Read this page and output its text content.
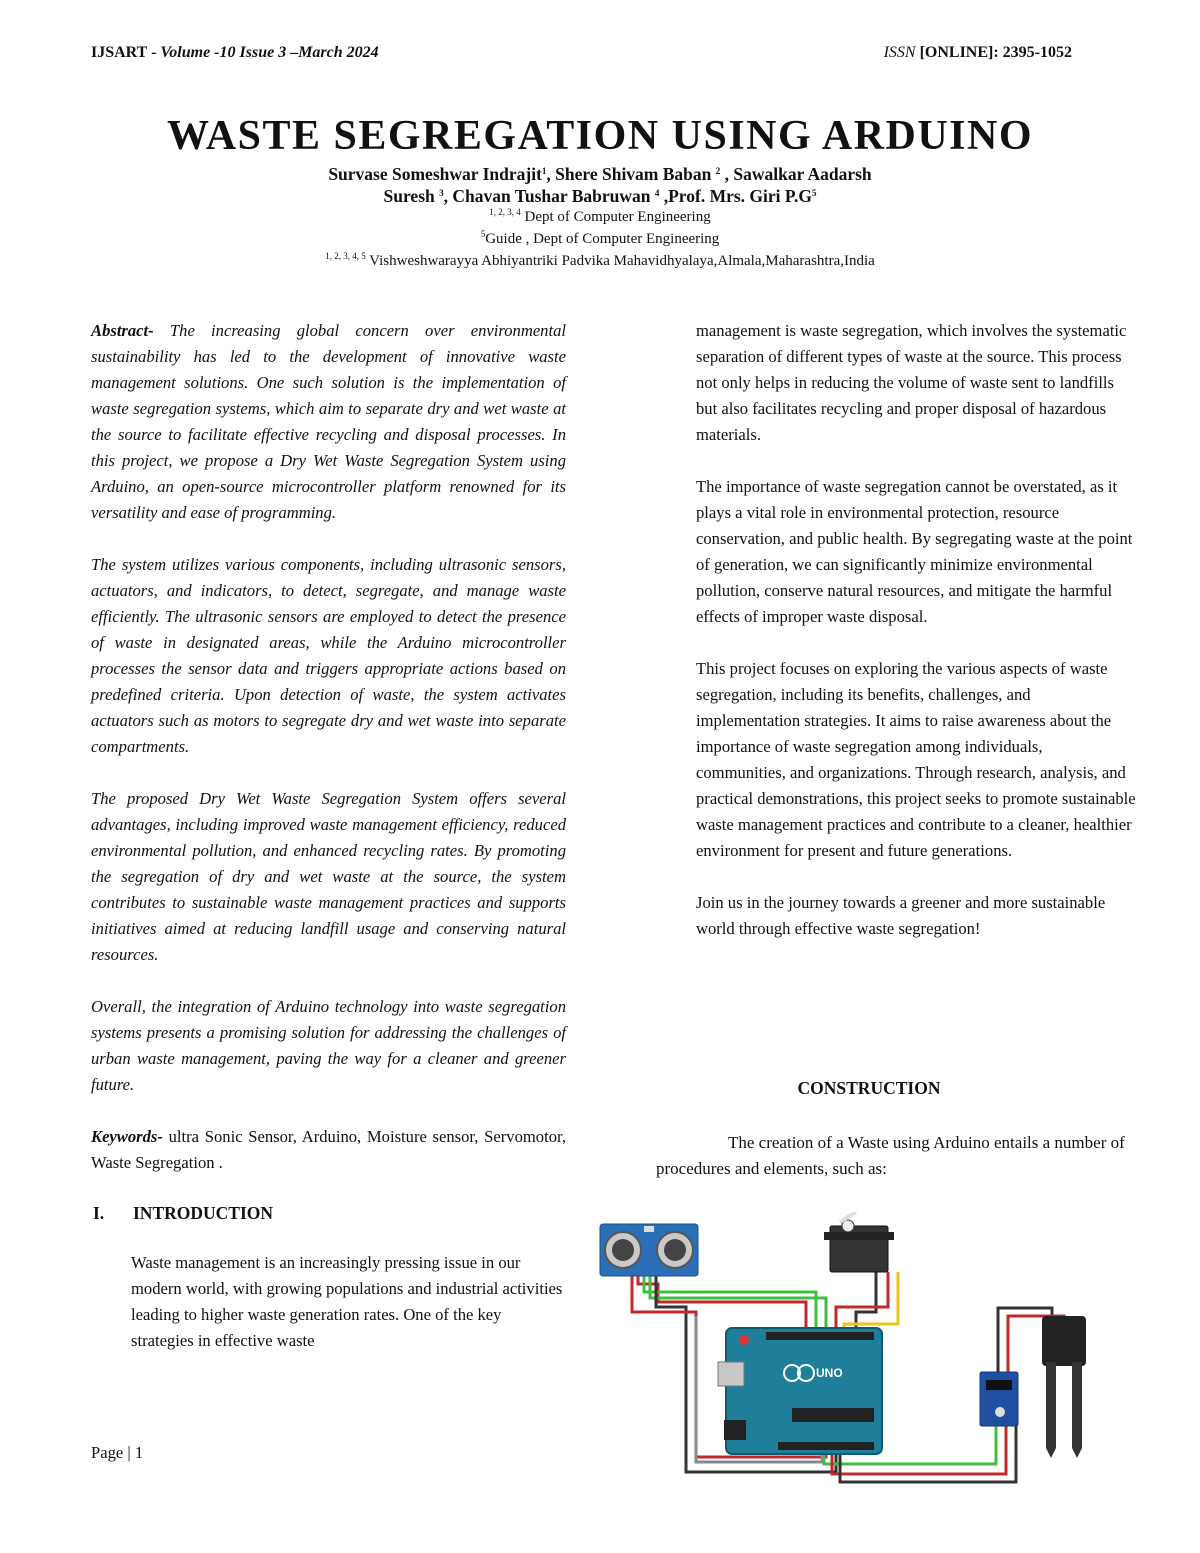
IJSART - Volume -10 Issue 3 –March 2024	ISSN [ONLINE]: 2395-1052
WASTE SEGREGATION USING ARDUINO
Survase Someshwar Indrajit$^1$, Shere Shivam Baban $^2$ , Sawalkar Aadarsh
Suresh $^3$, Chavan Tushar Babruwan $^4$ ,Prof. Mrs. Giri $P.G^5$
$^{1, 2, 3, 4}$ Dept of Computer Engineering
$^5$Guide , Dept of Computer Engineering
$^{1, 2, 3, 4, 5}$ Vishweshwarayya Abhiyantriki Padvika Mahavidhyalaya,Almala,Maharashtra,India

Abstract- The increasing global concern over environmental sustainability has led to the development of innovative waste management solutions. One such solution is the implementation of waste segregation systems, which aim to separate dry and wet waste at the source to facilitate effective recycling and disposal processes. In this project, we propose a Dry Wet Waste Segregation System using Arduino, an open-source microcontroller platform renowned for its versatility and ease of programming.

The system utilizes various components, including ultrasonic sensors, actuators, and indicators, to detect, segregate, and manage waste efficiently. The ultrasonic sensors are employed to detect the presence of waste in designated areas, while the Arduino microcontroller processes the sensor data and triggers appropriate actions based on predefined criteria. Upon detection of waste, the system activates actuators such as motors to segregate dry and wet waste into separate compartments.

The proposed Dry Wet Waste Segregation System offers several advantages, including improved waste management efficiency, reduced environmental pollution, and enhanced recycling rates. By promoting the segregation of dry and wet waste at the source, the system contributes to sustainable waste management practices and supports initiatives aimed at reducing landfill usage and conserving natural resources.

Overall, the integration of Arduino technology into waste segregation systems presents a promising solution for addressing the challenges of urban waste management, paving the way for a cleaner and greener future.

Keywords- ultra Sonic Sensor, Arduino, Moisture sensor, Servomotor, Waste Segregation .

I. INTRODUCTION

Waste management is an increasingly pressing issue in our modern world, with growing populations and industrial activities leading to higher waste generation rates. One of the key strategies in effective waste

management is waste segregation, which involves the systematic separation of different types of waste at the source. This process not only helps in reducing the volume of waste sent to landfills but also facilitates recycling and proper disposal of hazardous materials.

The importance of waste segregation cannot be overstated, as it plays a vital role in environmental protection, resource conservation, and public health. By segregating waste at the point of generation, we can significantly minimize environmental pollution, conserve natural resources, and mitigate the harmful effects of improper waste disposal.

This project focuses on exploring the various aspects of waste segregation, including its benefits, challenges, and implementation strategies. It aims to raise awareness about the importance of waste segregation among individuals, communities, and organizations. Through research, analysis, and practical demonstrations, this project seeks to promote sustainable waste management practices and contribute to a cleaner, healthier environment for present and future generations.

Join us in the journey towards a greener and more sustainable world through effective waste segregation!

CONSTRUCTION
The creation of a Waste using Arduino entails a number of procedures and elements, such as:
Page | 1
UNO
